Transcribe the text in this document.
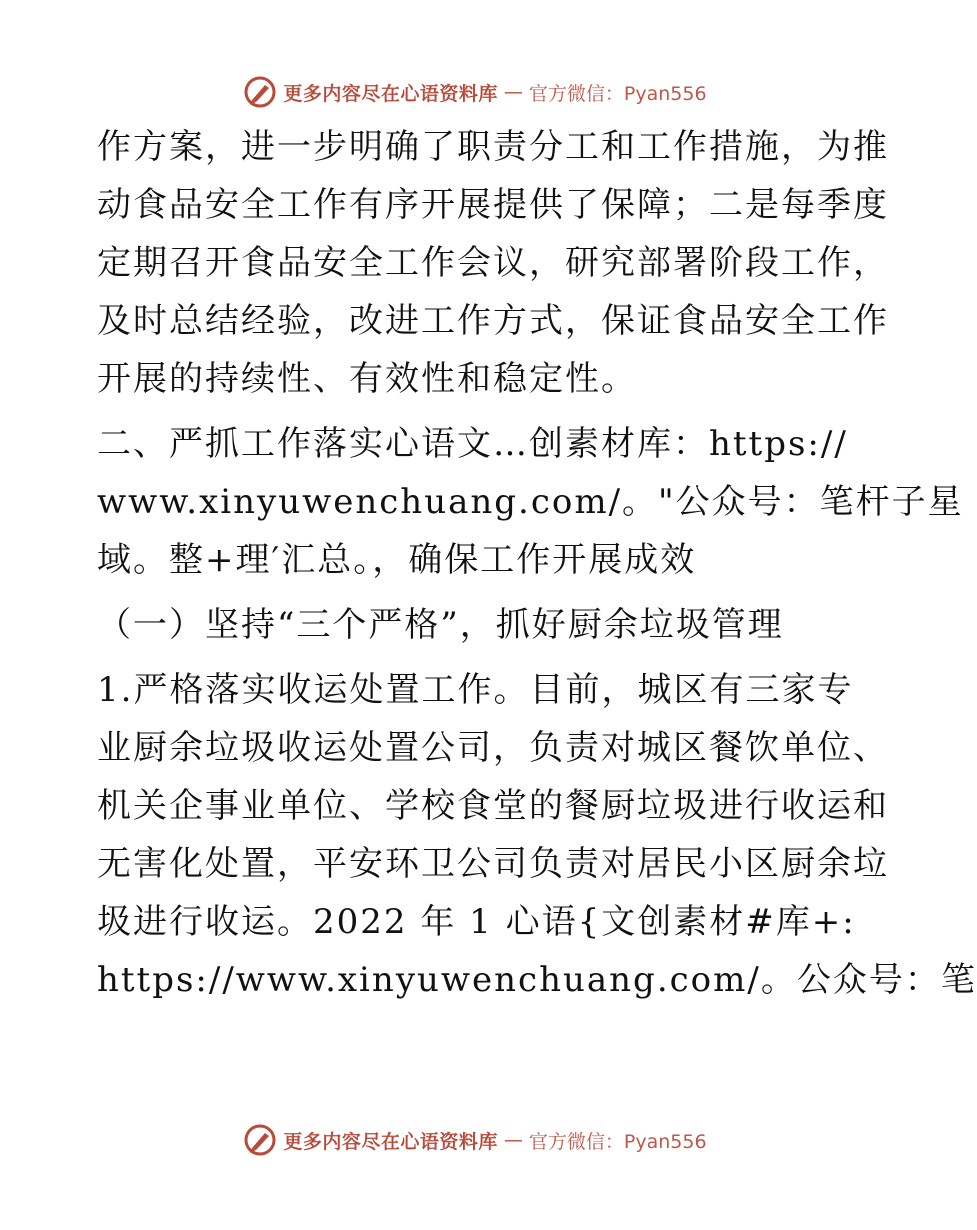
更多内容尽在心语资料库 — 官方微信：Pyan556
作方案，进一步明确了职责分工和工作措施，为推
动食品安全工作有序开展提供了保障；二是每季度
定期召开食品安全工作会议，研究部署阶段工作，
及时总结经验，改进工作方式，保证食品安全工作
开展的持续性、有效性和稳定性。
二、严抓工作落实心语文…创素材库：https://
www.xinyuwenchuang.com/。"公众号：笔杆子星
域。整+理′汇总。，确保工作开展成效
（一）坚持“三个严格”，抓好厨余垃圾管理
1.严格落实收运处置工作。目前，城区有三家专
业厨余垃圾收运处置公司，负责对城区餐饮单位、
机关企事业单位、学校食堂的餐厨垃圾进行收运和
无害化处置，平安环卫公司负责对居民小区厨余垃
圾进行收运。2022 年 1 心语{文创素材#库+:
https://www.xinyuwenchuang.com/。公众号：笔
更多内容尽在心语资料库 — 官方微信：Pyan556
